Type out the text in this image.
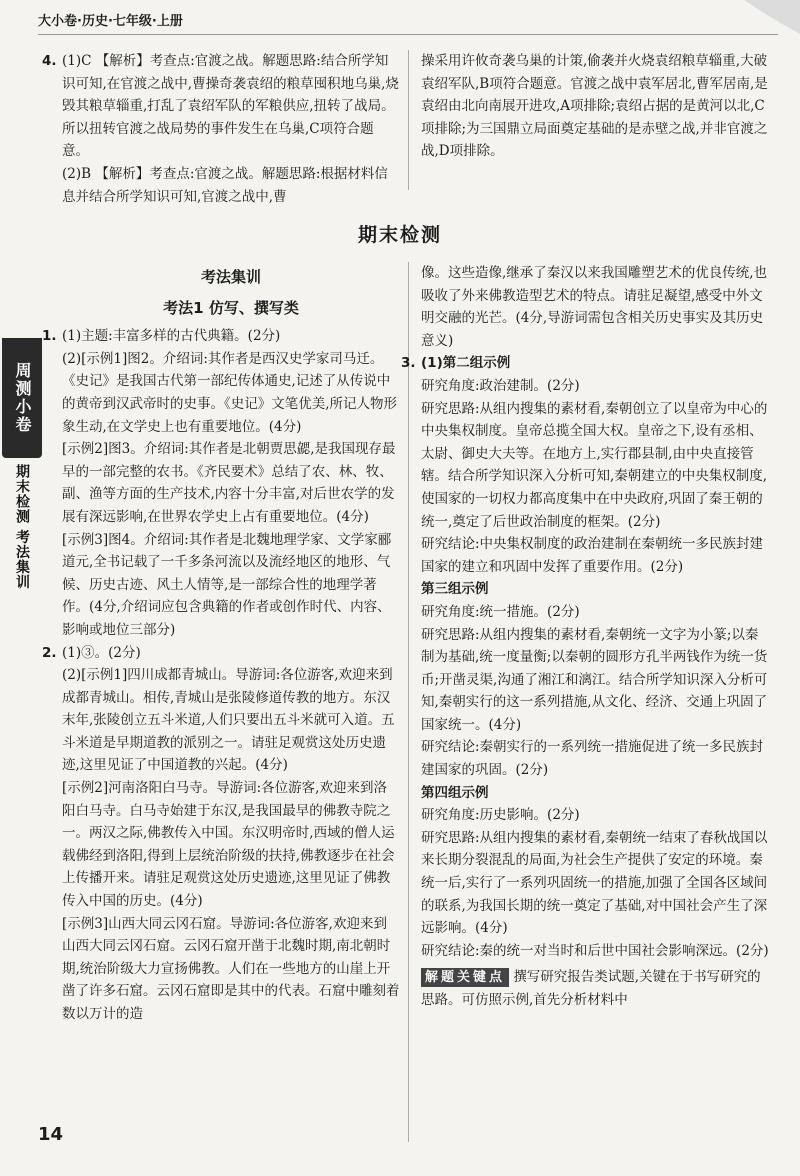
大小卷·历史·七年级·上册

4. (1)C 【解析】考查点:官渡之战。解题思路:结合所学知识可知,在官渡之战中,曹操奇袭袁绍的粮草囤积地乌巢,烧毁其粮草辎重,打乱了袁绍军队的军粮供应,扭转了战局。所以扭转官渡之战局势的事件发生在乌巢,C项符合题意。

(2)B 【解析】考查点:官渡之战。解题思路:根据材料信息并结合所学知识可知,官渡之战中,曹

操采用许攸奇袭乌巢的计策,偷袭并火烧袁绍粮草辎重,大破袁绍军队,B项符合题意。官渡之战中袁军居北,曹军居南,是袁绍由北向南展开进攻,A项排除;袁绍占据的是黄河以北,C项排除;为三国鼎立局面奠定基础的是赤壁之战,并非官渡之战,D项排除。

期末检测
考法集训
考法1 仿写、撰写类

1. (1)主题:丰富多样的古代典籍。(2分)

(2)[示例1]图2。介绍词:其作者是西汉史学家司马迁。《史记》是我国古代第一部纪传体通史,记述了从传说中的黄帝到汉武帝时的史事。《史记》文笔优美,所记人物形象生动,在文学史上也有重要地位。(4分)

[示例2]图3。介绍词:其作者是北朝贾思勰,是我国现存最早的一部完整的农书。《齐民要术》总结了农、林、牧、副、渔等方面的生产技术,内容十分丰富,对后世农学的发展有深远影响,在世界农学史上占有重要地位。(4分)

[示例3]图4。介绍词:其作者是北魏地理学家、文学家郦道元,全书记载了一千多条河流以及流经地区的地形、气候、历史古迹、风土人情等,是一部综合性的地理学著作。(4分,介绍词应包含典籍的作者或创作时代、内容、影响或地位三部分)

2. (1)③。(2分)

(2)[示例1]四川成都青城山。导游词:各位游客,欢迎来到成都青城山。相传,青城山是张陵修道传教的地方。东汉末年,张陵创立五斗米道,人们只要出五斗米就可入道。五斗米道是早期道教的派别之一。请驻足观赏这处历史遗迹,这里见证了中国道教的兴起。(4分)

[示例2]河南洛阳白马寺。导游词:各位游客,欢迎来到洛阳白马寺。白马寺始建于东汉,是我国最早的佛教寺院之一。两汉之际,佛教传入中国。东汉明帝时,西域的僧人运载佛经到洛阳,得到上层统治阶级的扶持,佛教逐步在社会上传播开来。请驻足观赏这处历史遗迹,这里见证了佛教传入中国的历史。(4分)

[示例3]山西大同云冈石窟。导游词:各位游客,欢迎来到山西大同云冈石窟。云冈石窟开凿于北魏时期,南北朝时期,统治阶级大力宣扬佛教。人们在一些地方的山崖上开凿了许多石窟。云冈石窟即是其中的代表。石窟中雕刻着数以万计的造

像。这些造像,继承了秦汉以来我国雕塑艺术的优良传统,也吸收了外来佛教造型艺术的特点。请驻足凝望,感受中外文明交融的光芒。(4分,导游词需包含相关历史事实及其历史意义)

3. (1)第二组示例

研究角度:政治建制。(2分)

研究思路:从组内搜集的素材看,秦朝创立了以皇帝为中心的中央集权制度。皇帝总揽全国大权。皇帝之下,设有丞相、太尉、御史大夫等。在地方上,实行郡县制,由中央直接管辖。结合所学知识深入分析可知,秦朝建立的中央集权制度,使国家的一切权力都高度集中在中央政府,巩固了秦王朝的统一,奠定了后世政治制度的框架。(2分)

研究结论:中央集权制度的政治建制在秦朝统一多民族封建国家的建立和巩固中发挥了重要作用。(2分)

第三组示例

研究角度:统一措施。(2分)

研究思路:从组内搜集的素材看,秦朝统一文字为小篆;以秦制为基础,统一度量衡;以秦朝的圆形方孔半两钱作为统一货币;开凿灵渠,沟通了湘江和漓江。结合所学知识深入分析可知,秦朝实行的这一系列措施,从文化、经济、交通上巩固了国家统一。(4分)

研究结论:秦朝实行的一系列统一措施促进了统一多民族封建国家的巩固。(2分)

第四组示例

研究角度:历史影响。(2分)

研究思路:从组内搜集的素材看,秦朝统一结束了春秋战国以来长期分裂混乱的局面,为社会生产提供了安定的环境。秦统一后,实行了一系列巩固统一的措施,加强了全国各区域间的联系,为我国长期的统一奠定了基础,对中国社会产生了深远影响。(4分)

研究结论:秦的统一对当时和后世中国社会影响深远。(2分)

解题关键点 撰写研究报告类试题,关键在于书写研究的思路。可仿照示例,首先分析材料中

周测小卷
期末检测 考法集训
14
